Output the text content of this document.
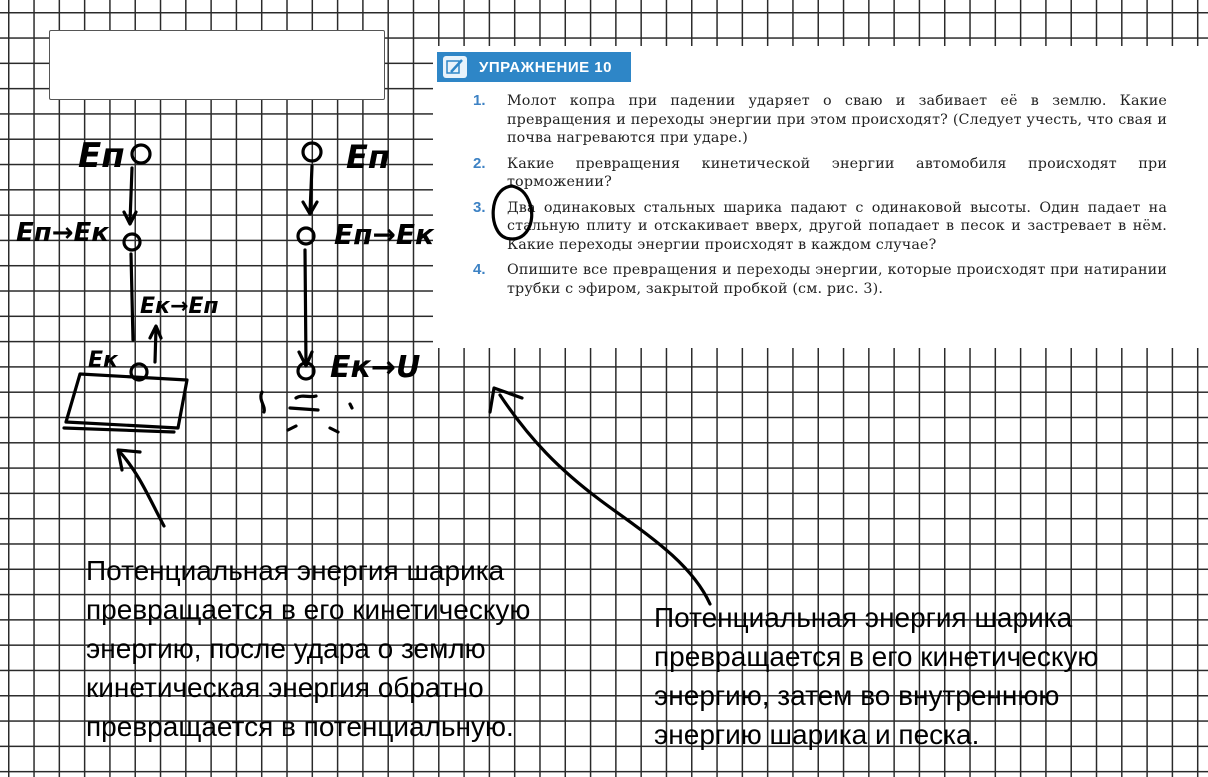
УПРАЖНЕНИЕ 10
1. Молот копра при падении ударяет о сваю и забивает её в землю. Какие превращения и переходы энергии при этом происходят? (Следует учесть, что свая и почва нагреваются при ударе.)
2. Какие превращения кинетической энергии автомобиля происходят при торможении?
3. Два одинаковых стальных шарика падают с одинаковой высоты. Один падает на стальную плиту и отскакивает вверх, другой попадает в песок и застревает в нём. Какие переходы энергии происходят в каждом случае?
4. Опишите все превращения и переходы энергии, которые происходят при натирании трубки с эфиром, закрытой пробкой (см. рис. 3).
Eп
Eп→Eк
Eк→Eп
Eк
Eп
Eп→Eк
Eк→U
Потенциальная энергия шарика
превращается в его кинетическую
энергию, после удара о землю
кинетическая энергия обратно
превращается в потенциальную.
Потенциальная энергия шарика
превращается в его кинетическую
энергию, затем во внутреннюю
энергию шарика и песка.
